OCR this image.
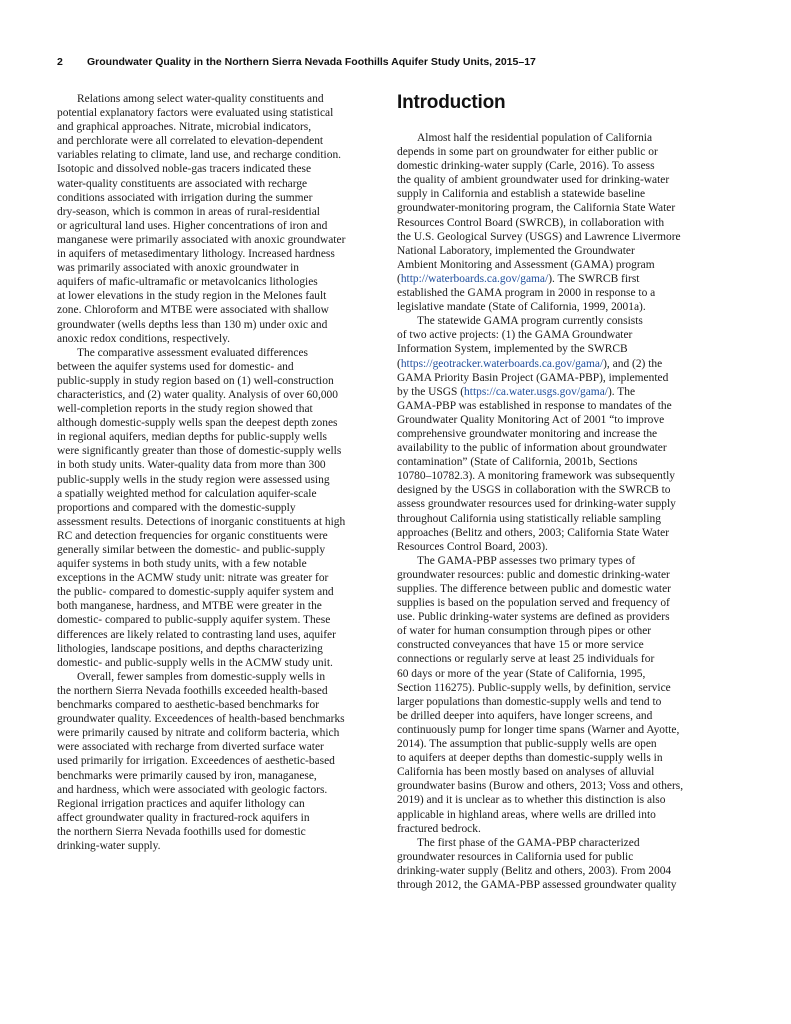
2 Groundwater Quality in the Northern Sierra Nevada Foothills Aquifer Study Units, 2015–17

Relations among select water-quality constituents and
potential explanatory factors were evaluated using statistical
and graphical approaches. Nitrate, microbial indicators,
and perchlorate were all correlated to elevation-dependent
variables relating to climate, land use, and recharge condition.
Isotopic and dissolved noble-gas tracers indicated these
water-quality constituents are associated with recharge
conditions associated with irrigation during the summer
dry-season, which is common in areas of rural-residential
or agricultural land uses. Higher concentrations of iron and
manganese were primarily associated with anoxic groundwater
in aquifers of metasedimentary lithology. Increased hardness
was primarily associated with anoxic groundwater in
aquifers of mafic-ultramafic or metavolcanics lithologies
at lower elevations in the study region in the Melones fault
zone. Chloroform and MTBE were associated with shallow
groundwater (wells depths less than 130 m) under oxic and
anoxic redox conditions, respectively.

The comparative assessment evaluated differences
between the aquifer systems used for domestic- and
public-supply in study region based on (1) well-construction
characteristics, and (2) water quality. Analysis of over 60,000
well-completion reports in the study region showed that
although domestic-supply wells span the deepest depth zones
in regional aquifers, median depths for public-supply wells
were significantly greater than those of domestic-supply wells
in both study units. Water-quality data from more than 300
public-supply wells in the study region were assessed using
a spatially weighted method for calculation aquifer-scale
proportions and compared with the domestic-supply
assessment results. Detections of inorganic constituents at high
RC and detection frequencies for organic constituents were
generally similar between the domestic- and public-supply
aquifer systems in both study units, with a few notable
exceptions in the ACMW study unit: nitrate was greater for
the public- compared to domestic-supply aquifer system and
both manganese, hardness, and MTBE were greater in the
domestic- compared to public-supply aquifer system. These
differences are likely related to contrasting land uses, aquifer
lithologies, landscape positions, and depths characterizing
domestic- and public-supply wells in the ACMW study unit.

Overall, fewer samples from domestic-supply wells in
the northern Sierra Nevada foothills exceeded health-based
benchmarks compared to aesthetic-based benchmarks for
groundwater quality. Exceedences of health-based benchmarks
were primarily caused by nitrate and coliform bacteria, which
were associated with recharge from diverted surface water
used primarily for irrigation. Exceedences of aesthetic-based
benchmarks were primarily caused by iron, managanese,
and hardness, which were associated with geologic factors.
Regional irrigation practices and aquifer lithology can
affect groundwater quality in fractured-rock aquifers in
the northern Sierra Nevada foothills used for domestic
drinking-water supply.

Introduction

Almost half the residential population of California
depends in some part on groundwater for either public or
domestic drinking-water supply (Carle, 2016). To assess
the quality of ambient groundwater used for drinking-water
supply in California and establish a statewide baseline
groundwater-monitoring program, the California State Water
Resources Control Board (SWRCB), in collaboration with
the U.S. Geological Survey (USGS) and Lawrence Livermore
National Laboratory, implemented the Groundwater
Ambient Monitoring and Assessment (GAMA) program
(http://waterboards.ca.gov/gama/). The SWRCB first
established the GAMA program in 2000 in response to a
legislative mandate (State of California, 1999, 2001a).

The statewide GAMA program currently consists
of two active projects: (1) the GAMA Groundwater
Information System, implemented by the SWRCB
(https://geotracker.waterboards.ca.gov/gama/), and (2) the
GAMA Priority Basin Project (GAMA-PBP), implemented
by the USGS (https://ca.water.usgs.gov/gama/). The
GAMA-PBP was established in response to mandates of the
Groundwater Quality Monitoring Act of 2001 “to improve
comprehensive groundwater monitoring and increase the
availability to the public of information about groundwater
contamination” (State of California, 2001b, Sections
10780–10782.3). A monitoring framework was subsequently
designed by the USGS in collaboration with the SWRCB to
assess groundwater resources used for drinking-water supply
throughout California using statistically reliable sampling
approaches (Belitz and others, 2003; California State Water
Resources Control Board, 2003).

The GAMA-PBP assesses two primary types of
groundwater resources: public and domestic drinking-water
supplies. The difference between public and domestic water
supplies is based on the population served and frequency of
use. Public drinking-water systems are defined as providers
of water for human consumption through pipes or other
constructed conveyances that have 15 or more service
connections or regularly serve at least 25 individuals for
60 days or more of the year (State of California, 1995,
Section 116275). Public-supply wells, by definition, service
larger populations than domestic-supply wells and tend to
be drilled deeper into aquifers, have longer screens, and
continuously pump for longer time spans (Warner and Ayotte,
2014). The assumption that public-supply wells are open
to aquifers at deeper depths than domestic-supply wells in
California has been mostly based on analyses of alluvial
groundwater basins (Burow and others, 2013; Voss and others,
2019) and it is unclear as to whether this distinction is also
applicable in highland areas, where wells are drilled into
fractured bedrock.

The first phase of the GAMA-PBP characterized
groundwater resources in California used for public
drinking-water supply (Belitz and others, 2003). From 2004
through 2012, the GAMA-PBP assessed groundwater quality
